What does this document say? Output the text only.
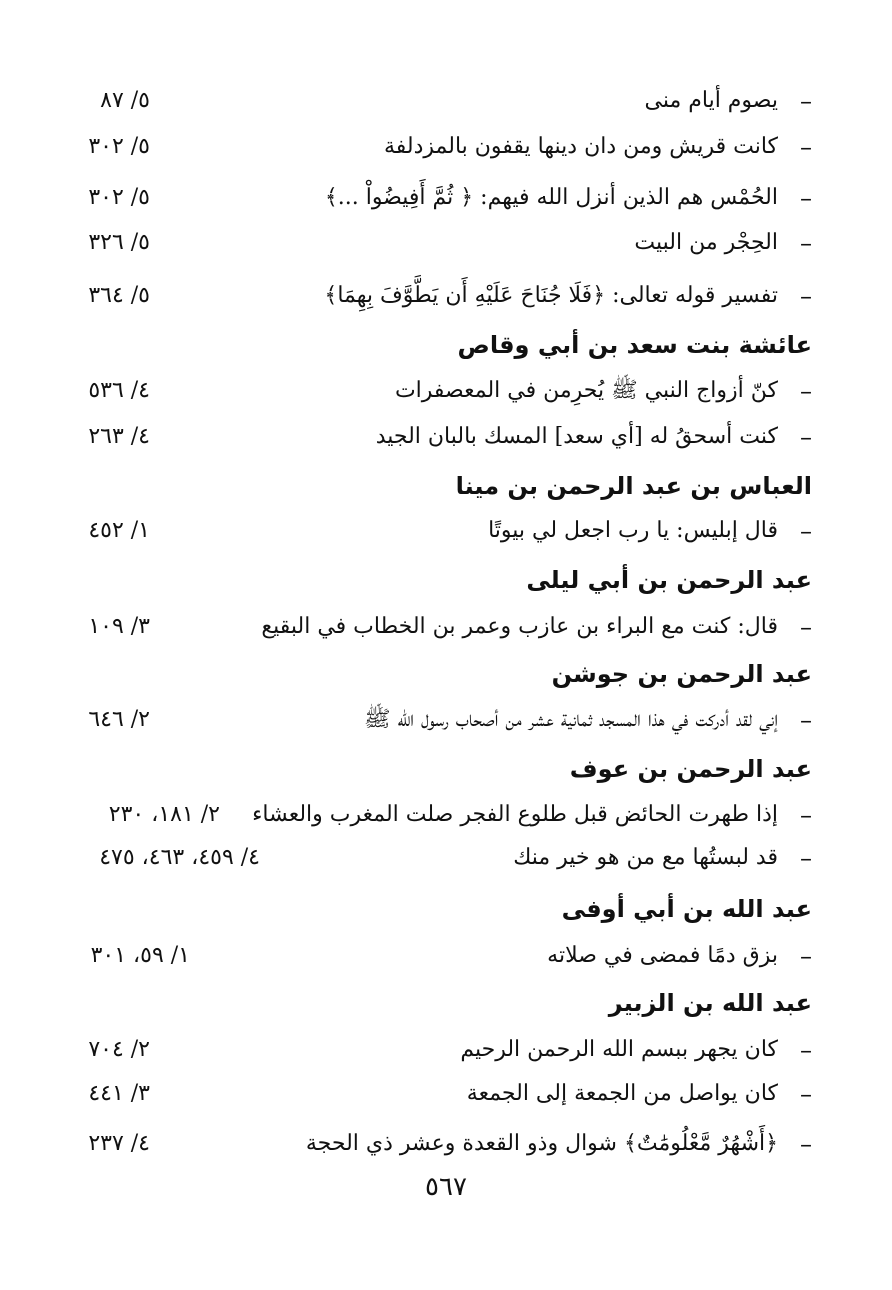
–
يصوم أيام منى
٥/ ٨٧
–
كانت قريش ومن دان دينها يقفون بالمزدلفة
٥/ ٣٠٢
–
الحُمْس هم الذين أنزل الله فيهم: ﴿ ثُمَّ أَفِيضُواْ ...﴾
٥/ ٣٠٢
–
الحِجْر من البيت
٥/ ٣٢٦
–
تفسير قوله تعالى: ﴿فَلَا جُنَاحَ عَلَيْهِ أَن يَطَّوَّفَ بِهِمَا﴾
٥/ ٣٦٤
عائشة بنت سعد بن أبي وقاص
–
كنّ أزواج النبي ﷺ يُحرِمن في المعصفرات
٤/ ٥٣٦
–
كنت أسحقُ له [أي سعد] المسك بالبان الجيد
٤/ ٢٦٣
العباس بن عبد الرحمن بن مينا
–
قال إبليس: يا رب اجعل لي بيوتًا
١/ ٤٥٢
عبد الرحمن بن أبي ليلى
–
قال: كنت مع البراء بن عازب وعمر بن الخطاب في البقيع
٣/ ١٠٩
عبد الرحمن بن جوشن
–
إني لقد أدركت في هذا المسجد ثمانية عشر من أصحاب رسول الله ﷺ
٢/ ٦٤٦
عبد الرحمن بن عوف
–
إذا طهرت الحائض قبل طلوع الفجر صلت المغرب والعشاء
٢/ ١٨١، ٢٣٠
–
قد لبستُها مع من هو خير منك
٤/ ٤٥٩، ٤٦٣، ٤٧٥
عبد الله بن أبي أوفى
–
بزق دمًا فمضى في صلاته
١/ ٥٩، ٣٠١
عبد الله بن الزبير
–
كان يجهر ببسم الله الرحمن الرحيم
٢/ ٧٠٤
–
كان يواصل من الجمعة إلى الجمعة
٣/ ٤٤١
–
﴿أَشْهُرٌ مَّعْلُومَٰتٌ﴾ شوال وذو القعدة وعشر ذي الحجة
٤/ ٢٣٧
٥٦٧
